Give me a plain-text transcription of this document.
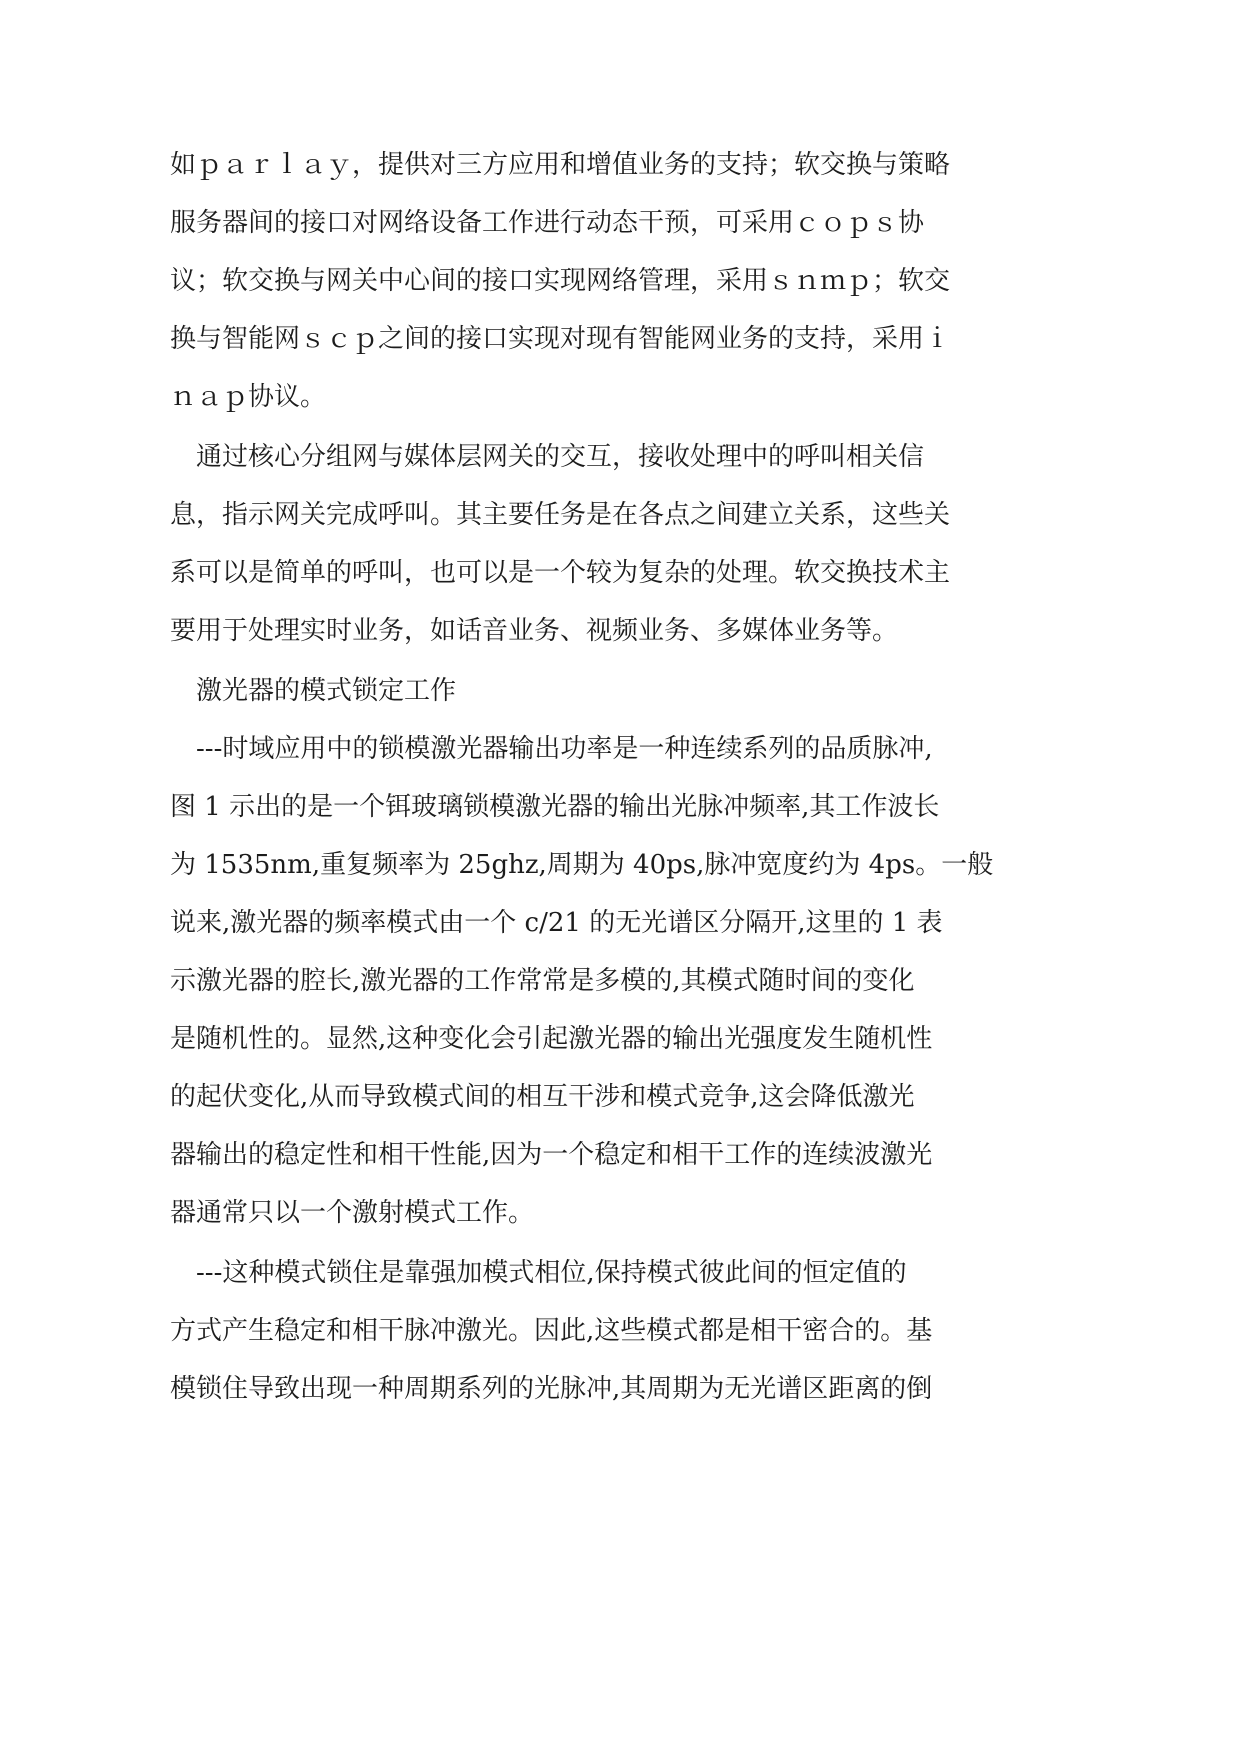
如ｐａｒｌａｙ，提供对三方应用和增值业务的支持；软交换与策略
服务器间的接口对网络设备工作进行动态干预，可采用ｃｏｐｓ协
议；软交换与网关中心间的接口实现网络管理，采用ｓｎｍｐ；软交
换与智能网ｓｃｐ之间的接口实现对现有智能网业务的支持，采用ｉ
ｎａｐ协议。
通过核心分组网与媒体层网关的交互，接收处理中的呼叫相关信
息，指示网关完成呼叫。其主要任务是在各点之间建立关系，这些关
系可以是简单的呼叫，也可以是一个较为复杂的处理。软交换技术主
要用于处理实时业务，如话音业务、视频业务、多媒体业务等。
激光器的模式锁定工作
---时域应用中的锁模激光器输出功率是一种连续系列的品质脉冲,
图 1 示出的是一个铒玻璃锁模激光器的输出光脉冲频率,其工作波长
为 1535nm,重复频率为 25ghz,周期为 40ps,脉冲宽度约为 4ps。一般
说来,激光器的频率模式由一个 c/21 的无光谱区分隔开,这里的 1 表
示激光器的腔长,激光器的工作常常是多模的,其模式随时间的变化
是随机性的。显然,这种变化会引起激光器的输出光强度发生随机性
的起伏变化,从而导致模式间的相互干涉和模式竞争,这会降低激光
器输出的稳定性和相干性能,因为一个稳定和相干工作的连续波激光
器通常只以一个激射模式工作。
---这种模式锁住是靠强加模式相位,保持模式彼此间的恒定值的
方式产生稳定和相干脉冲激光。因此,这些模式都是相干密合的。基
模锁住导致出现一种周期系列的光脉冲,其周期为无光谱区距离的倒
